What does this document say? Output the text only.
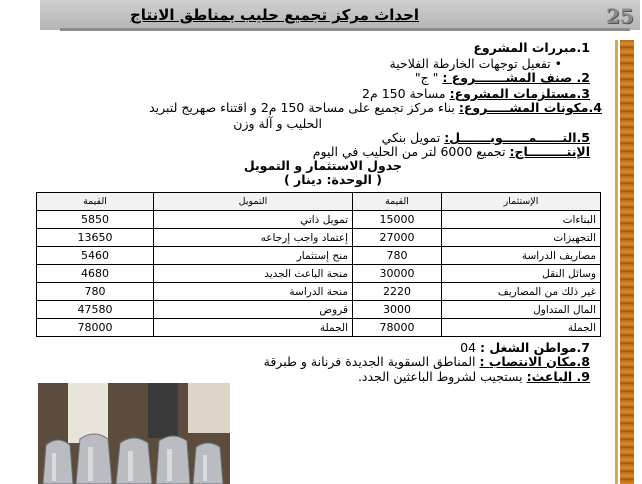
احداث مركز تجميع حليب بمناطق الانتاج	25
1.مبررات المشروع
• تفعيل توجهات الخارطة الفلاحية
2. صنف المشـــــــروع : " ج"
3.مستلزمات المشروع: مساحة 150 م2
4.مكونات المشـــــروع: بناء مركز تجميع على مساحة 150 م2 و اقتناء صهريج لتبريد
الحليب و آلة وزن
5.التــــــمــــــويـــــــل: تمويل بنكي
الإنتـــــــــاج: تجميع 6000 لتر من الحليب في اليوم
جدول الاستثمار و التمويل
( الوحدة: دينار )
الإستثمار	القيمة	التمويل	القيمة
البناءات	15000	تمويل ذاتي	5850
التجهيزات	27000	إعتماد واجب إرجاعه	13650
مصاريف الدراسة	780	منح إستثمار	5460
وسائل النقل	30000	منحة الباعث الجديد	4680
غير ذلك من المصاريف	2220	منحة الدراسة	780
المال المتداول	3000	قروض	47580
الجملة	78000	الجملة	78000
7.مواطن الشغل : 04
8.مكان الانتصاب : المناطق السقوية الجديدة فرنانة و طبرقة
9. الباعث: يستجيب لشروط الباعثين الجدد.
